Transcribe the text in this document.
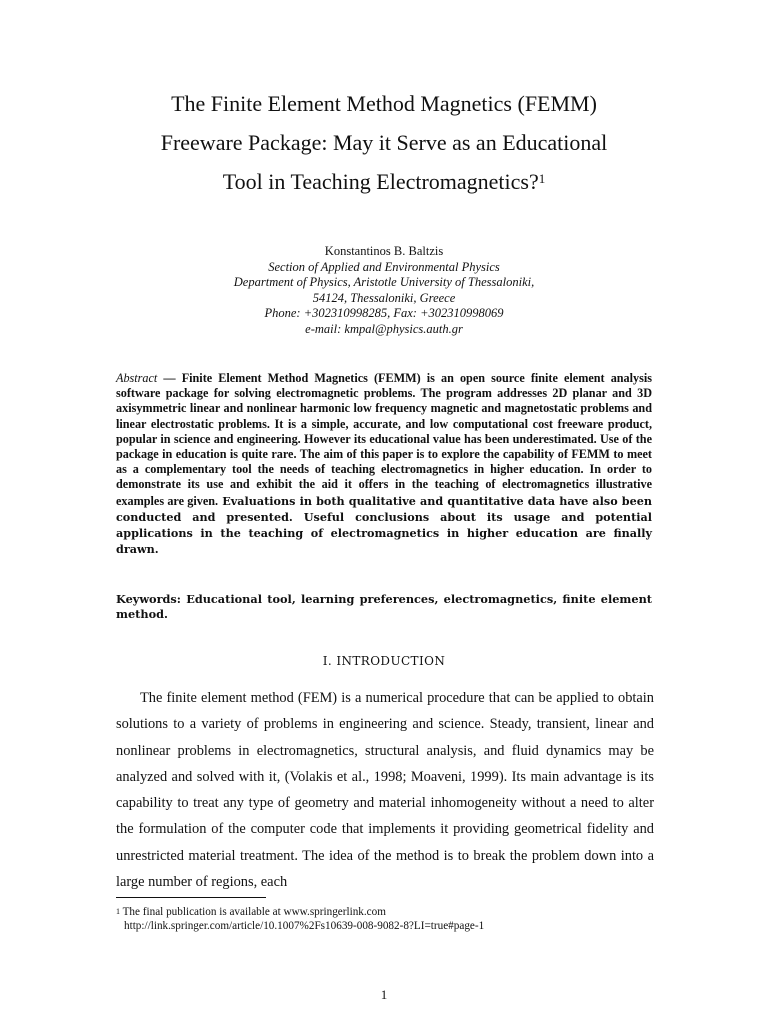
The Finite Element Method Magnetics (FEMM)
Freeware Package: May it Serve as an Educational
Tool in Teaching Electromagnetics?$^1$
Konstantinos B. Baltzis
Section of Applied and Environmental Physics
Department of Physics, Aristotle University of Thessaloniki,
54124, Thessaloniki, Greece
Phone: +302310998285, Fax: +302310998069
e-mail: kmpal@physics.auth.gr
Abstract — Finite Element Method Magnetics (FEMM) is an open source finite element analysis software package for solving electromagnetic problems. The program addresses 2D planar and 3D axisymmetric linear and nonlinear harmonic low frequency magnetic and magnetostatic problems and linear electrostatic problems. It is a simple, accurate, and low computational cost freeware product, popular in science and engineering. However its educational value has been underestimated. Use of the package in education is quite rare. The aim of this paper is to explore the capability of FEMM to meet as a complementary tool the needs of teaching electromagnetics in higher education. In order to demonstrate its use and exhibit the aid it offers in the teaching of electromagnetics illustrative examples are given. Evaluations in both qualitative and quantitative data have also been conducted and presented. Useful conclusions about its usage and potential applications in the teaching of electromagnetics in higher education are finally drawn.
Keywords: Educational tool, learning preferences, electromagnetics, finite element method.
I. INTRODUCTION

The finite element method (FEM) is a numerical procedure that can be applied to obtain solutions to a variety of problems in engineering and science. Steady, transient, linear and nonlinear problems in electromagnetics, structural analysis, and fluid dynamics may be analyzed and solved with it, (Volakis et al., 1998; Moaveni, 1999). Its main advantage is its capability to treat any type of geometry and material inhomogeneity without a need to alter the formulation of the computer code that implements it providing geometrical fidelity and unrestricted material treatment. The idea of the method is to break the problem down into a large number of regions, each

$^1$ The final publication is available at www.springerlink.com
http://link.springer.com/article/10.1007%2Fs10639-008-9082-8?LI=true#page-1
1
